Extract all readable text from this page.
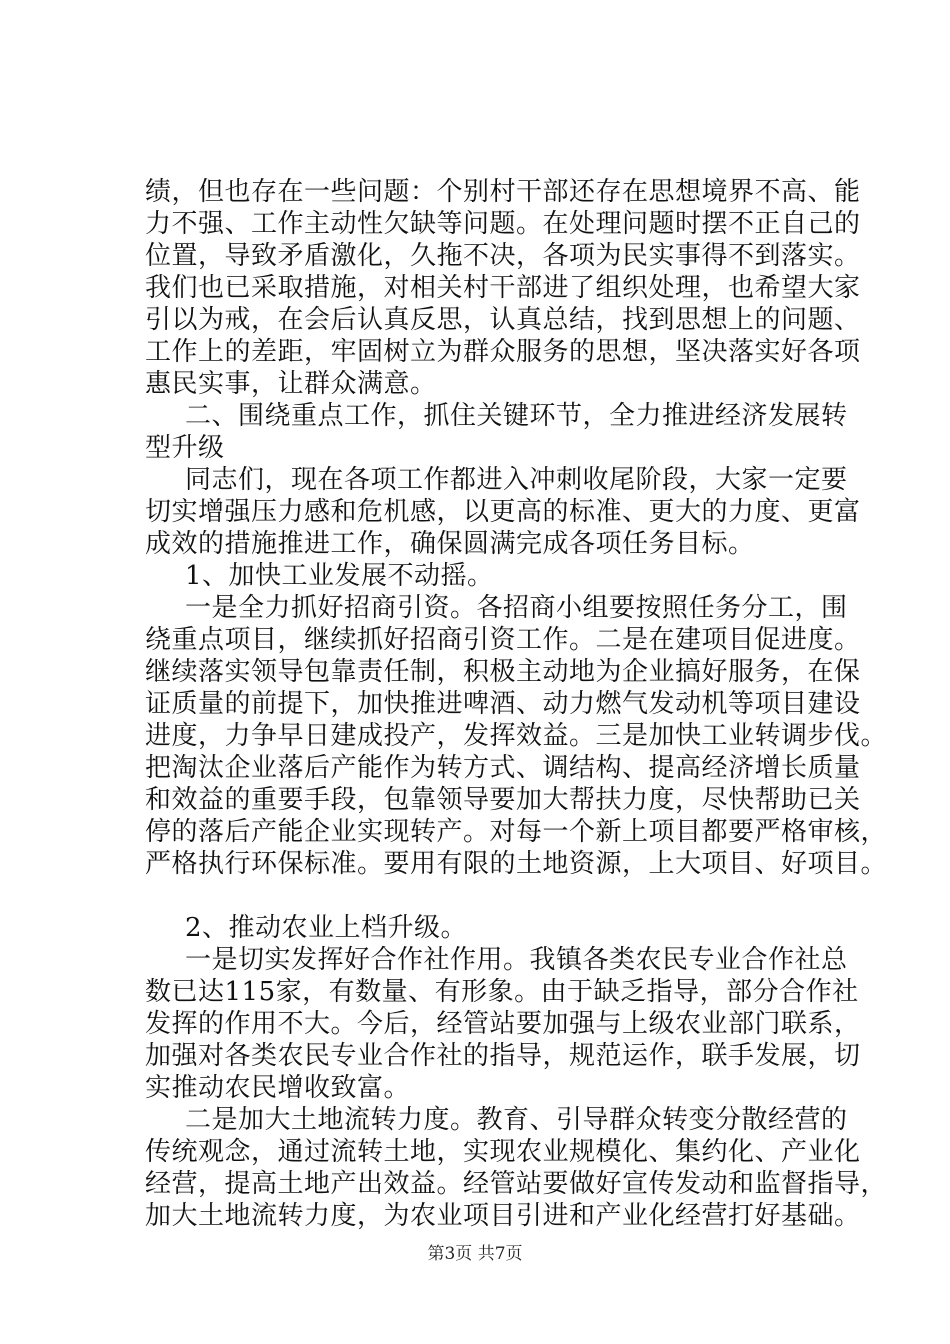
绩，但也存在一些问题：个别村干部还存在思想境界不高、能
力不强、工作主动性欠缺等问题。在处理问题时摆不正自己的
位置，导致矛盾激化，久拖不决，各项为民实事得不到落实。
我们也已采取措施，对相关村干部进了组织处理，也希望大家
引以为戒，在会后认真反思，认真总结，找到思想上的问题、
工作上的差距，牢固树立为群众服务的思想，坚决落实好各项
惠民实事，让群众满意。
二、围绕重点工作，抓住关键环节，全力推进经济发展转
型升级
同志们，现在各项工作都进入冲刺收尾阶段，大家一定要
切实增强压力感和危机感，以更高的标准、更大的力度、更富
成效的措施推进工作，确保圆满完成各项任务目标。
1、加快工业发展不动摇。
一是全力抓好招商引资。各招商小组要按照任务分工，围
绕重点项目，继续抓好招商引资工作。二是在建项目促进度。
继续落实领导包靠责任制，积极主动地为企业搞好服务，在保
证质量的前提下，加快推进啤酒、动力燃气发动机等项目建设
进度，力争早日建成投产，发挥效益。三是加快工业转调步伐。
把淘汰企业落后产能作为转方式、调结构、提高经济增长质量
和效益的重要手段，包靠领导要加大帮扶力度，尽快帮助已关
停的落后产能企业实现转产。对每一个新上项目都要严格审核，
严格执行环保标准。要用有限的土地资源，上大项目、好项目。
2、推动农业上档升级。
一是切实发挥好合作社作用。我镇各类农民专业合作社总
数已达115家，有数量、有形象。由于缺乏指导，部分合作社
发挥的作用不大。今后，经管站要加强与上级农业部门联系，
加强对各类农民专业合作社的指导，规范运作，联手发展，切
实推动农民增收致富。
二是加大土地流转力度。教育、引导群众转变分散经营的
传统观念，通过流转土地，实现农业规模化、集约化、产业化
经营，提高土地产出效益。经管站要做好宣传发动和监督指导，
加大土地流转力度，为农业项目引进和产业化经营打好基础。
第3页 共7页
